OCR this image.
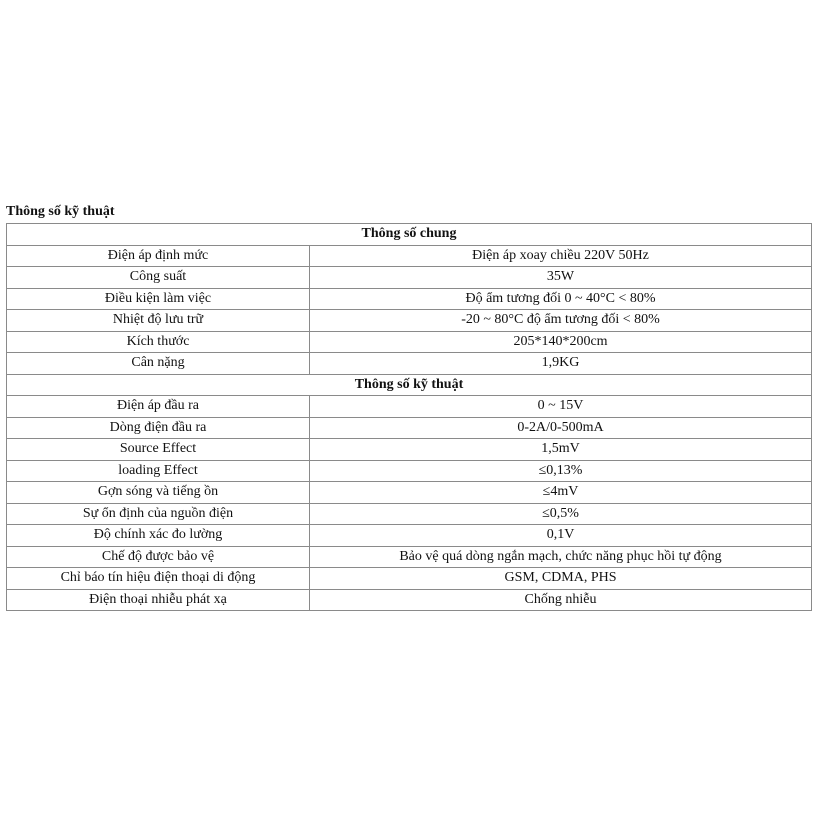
Thông số kỹ thuật
Thông số chung	
Điện áp định mức	Điện áp xoay chiều 220V 50Hz
Công suất	35W
Điều kiện làm việc	Độ ẩm tương đối 0 ~ 40°C < 80%
Nhiệt độ lưu trữ	-20 ~ 80°C độ ẩm tương đối < 80%
Kích thước	205*140*200cm
Cân nặng	1,9KG
Thông số kỹ thuật	
Điện áp đầu ra	0 ~ 15V
Dòng điện đầu ra	0-2A/0-500mA
Source Effect	1,5mV
loading Effect	≤0,13%
Gợn sóng và tiếng ồn	≤4mV
Sự ổn định của nguồn điện	≤0,5%
Độ chính xác đo lường	0,1V
Chế độ được bảo vệ	Bảo vệ quá dòng ngắn mạch, chức năng phục hồi tự động
Chỉ báo tín hiệu điện thoại di động	GSM, CDMA, PHS
Điện thoại nhiễu phát xạ	Chống nhiễu
